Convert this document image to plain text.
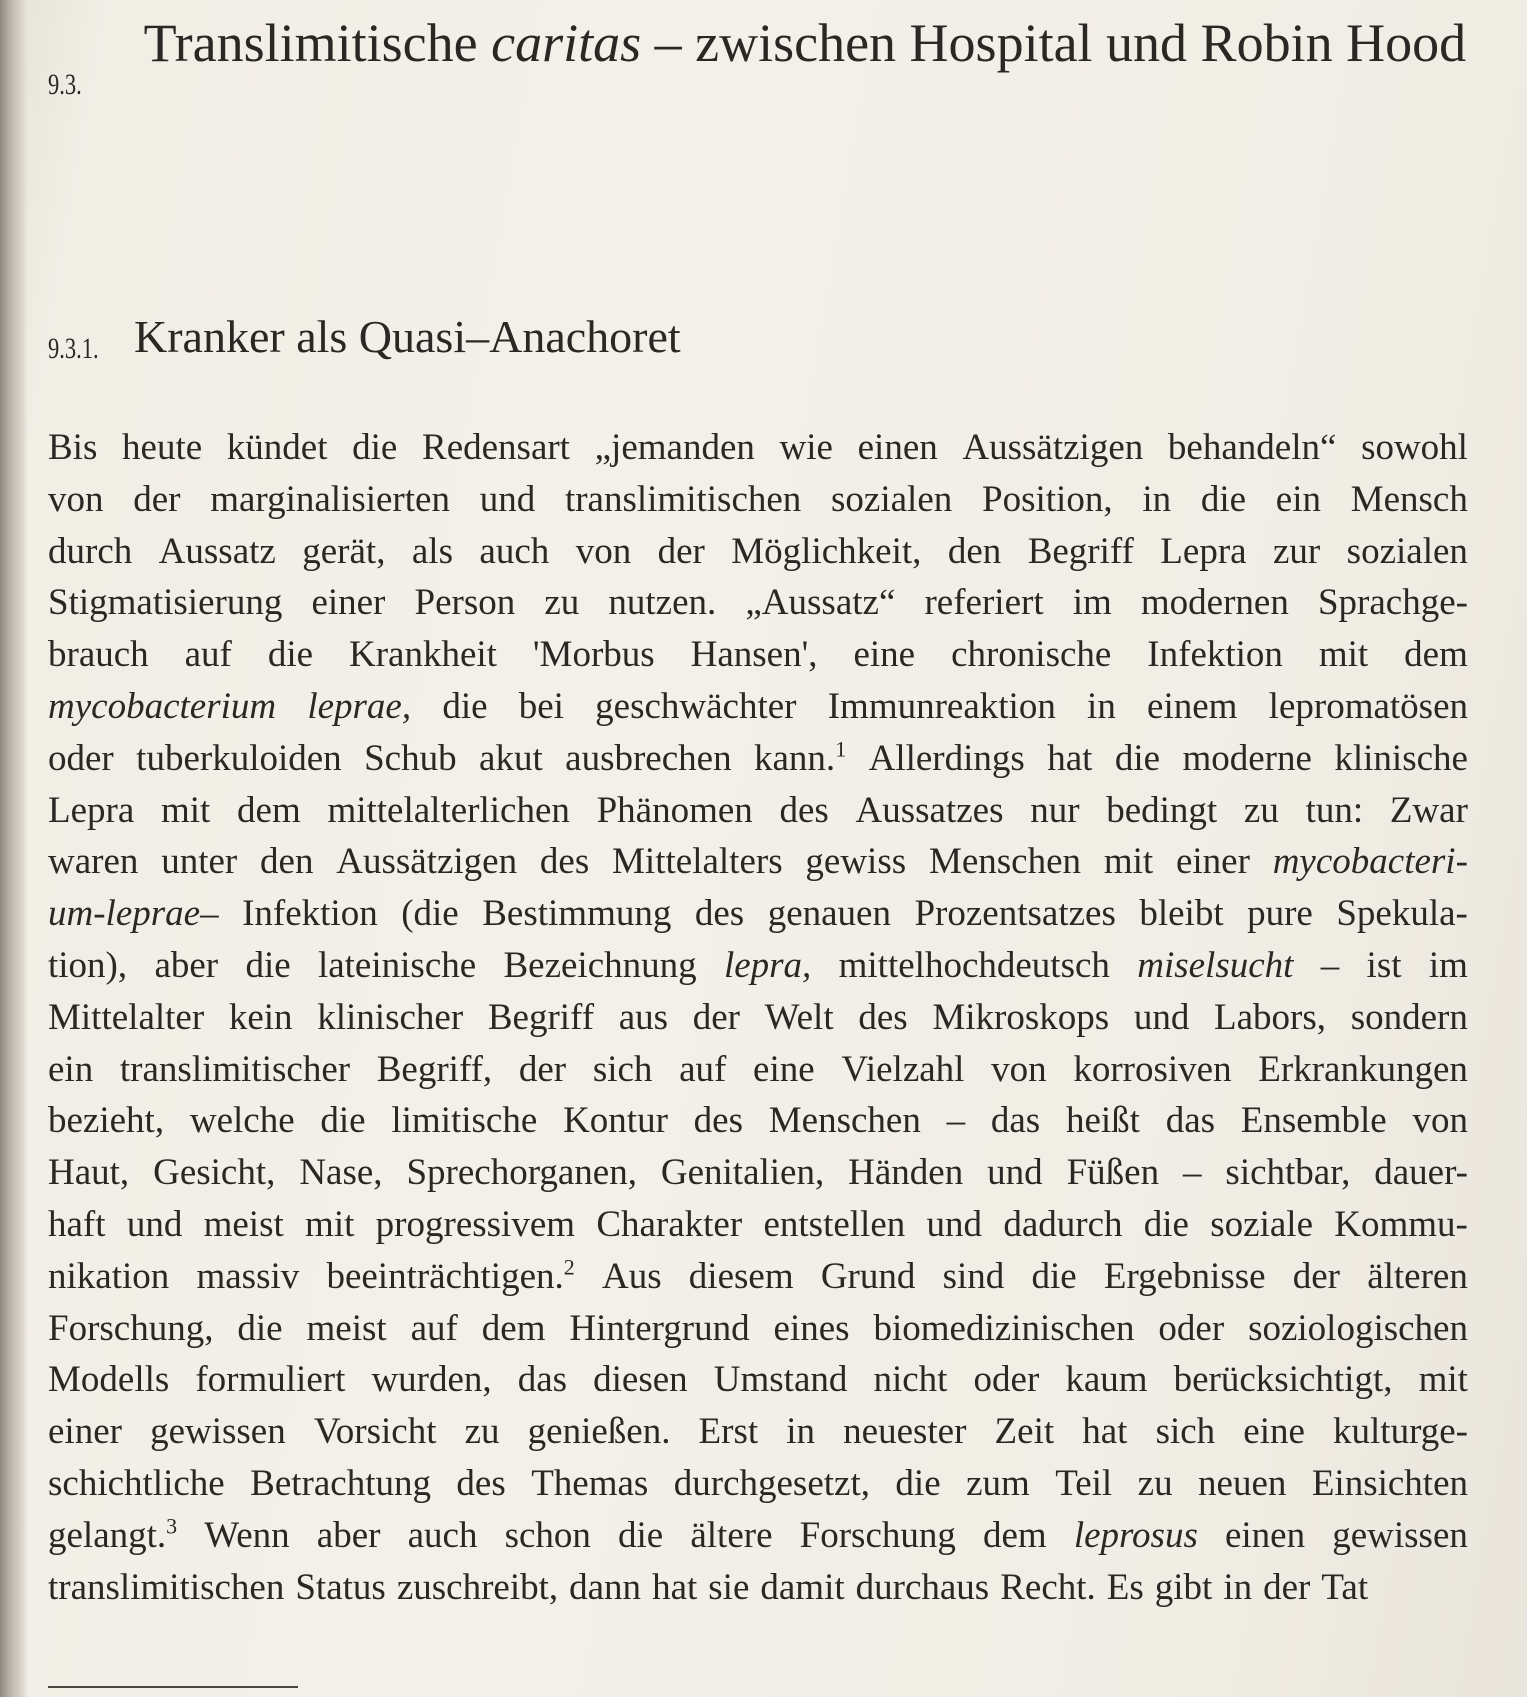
9.3.
Translimitische caritas – zwischen Hospital und Robin Hood
9.3.1. Kranker als Quasi–Anachoret
Bis heute kündet die Redensart „jemanden wie einen Aussätzigen behandeln“ sowohl
von der marginalisierten und translimitischen sozialen Position, in die ein Mensch
durch Aussatz gerät, als auch von der Möglichkeit, den Begriff Lepra zur sozialen
Stigmatisierung einer Person zu nutzen. „Aussatz“ referiert im modernen Sprachge-
brauch auf die Krankheit 'Morbus Hansen', eine chronische Infektion mit dem
mycobacterium leprae, die bei geschwächter Immunreaktion in einem lepromatösen
oder tuberkuloiden Schub akut ausbrechen kann.$^1$ Allerdings hat die moderne klinische
Lepra mit dem mittelalterlichen Phänomen des Aussatzes nur bedingt zu tun: Zwar
waren unter den Aussätzigen des Mittelalters gewiss Menschen mit einer mycobacteri-
um-leprae– Infektion (die Bestimmung des genauen Prozentsatzes bleibt pure Spekula-
tion), aber die lateinische Bezeichnung lepra, mittelhochdeutsch miselsucht – ist im
Mittelalter kein klinischer Begriff aus der Welt des Mikroskops und Labors, sondern
ein translimitischer Begriff, der sich auf eine Vielzahl von korrosiven Erkrankungen
bezieht, welche die limitische Kontur des Menschen – das heißt das Ensemble von
Haut, Gesicht, Nase, Sprechorganen, Genitalien, Händen und Füßen – sichtbar, dauer-
haft und meist mit progressivem Charakter entstellen und dadurch die soziale Kommu-
nikation massiv beeinträchtigen.$^2$ Aus diesem Grund sind die Ergebnisse der älteren
Forschung, die meist auf dem Hintergrund eines biomedizinischen oder soziologischen
Modells formuliert wurden, das diesen Umstand nicht oder kaum berücksichtigt, mit
einer gewissen Vorsicht zu genießen. Erst in neuester Zeit hat sich eine kulturge-
schichtliche Betrachtung des Themas durchgesetzt, die zum Teil zu neuen Einsichten
gelangt.$^3$ Wenn aber auch schon die ältere Forschung dem leprosus einen gewissen
translimitischen Status zuschreibt, dann hat sie damit durchaus Recht. Es gibt in der Tat
